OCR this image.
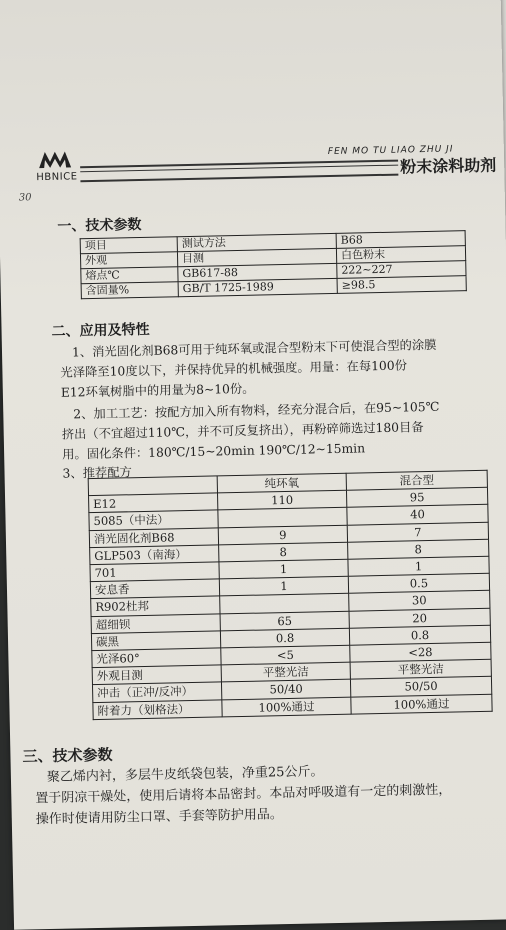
HBNICE
FEN MO TU LIAO ZHU JI
粉末涂料助剂
30
一、技术参数
项目	测试方法	B68
外观	目测	白色粉末
熔点℃	GB617-88	222~227
含固量%	GB/T 1725-1989	≥98.5
二、应用及特性
1、消光固化剂B68可用于纯环氧或混合型粉末下可使混合型的涂膜
光泽降至10度以下，并保持优异的机械强度。用量：在每100份
E12环氧树脂中的用量为8~10份。
2、加工工艺：按配方加入所有物料，经充分混合后，在95~105℃
挤出（不宜超过110℃，并不可反复挤出），再粉碎筛选过180目备
用。固化条件：180℃/15~20min 190℃/12~15min
3、推荐配方
	纯环氧	混合型
E12	110	95
5085（中法）		40
消光固化剂B68	9	7
GLP503（南海）	8	8
701	1	1
安息香	1	0.5
R902杜邦		30
超细钡	65	20
碳黑	0.8	0.8
光泽60°	<5	<28
外观目测	平整光洁	平整光洁
冲击（正冲/反冲）	50/40	50/50
附着力（划格法）	100%通过	100%通过
三、技术参数
聚乙烯内衬，多层牛皮纸袋包装，净重25公斤。
置于阴凉干燥处，使用后请将本品密封。本品对呼吸道有一定的刺激性，
操作时使请用防尘口罩、手套等防护用品。
